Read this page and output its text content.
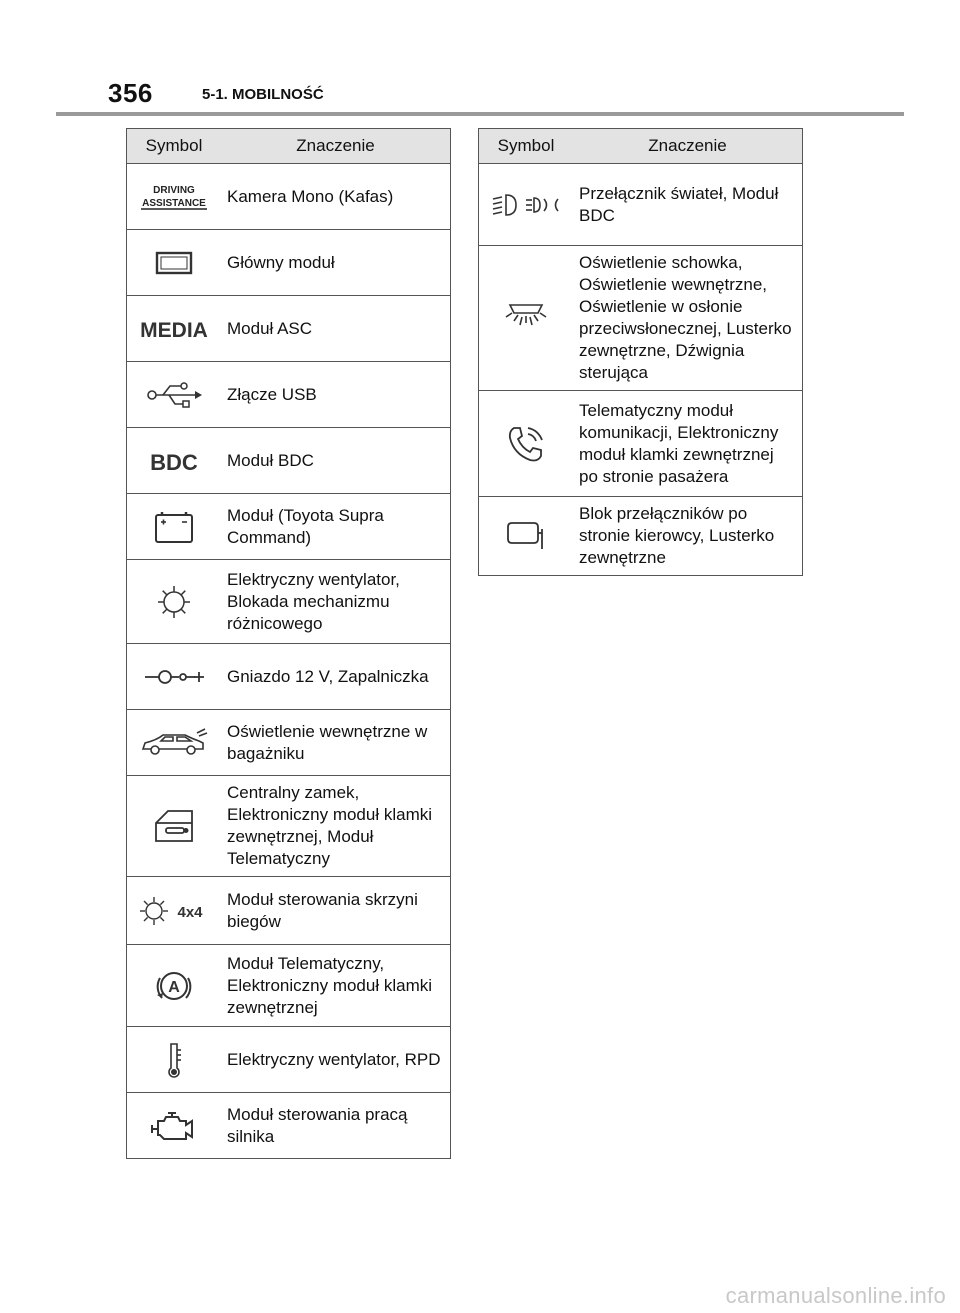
356	5-1. MOBILNOŚĆ
Symbol	Znaczenie

DRIVING
ASSISTANCE	Kamera Mono (Kafas)
	Główny moduł

MEDIA	Moduł ASC
	Złącze USB

BDC	Moduł BDC
	Moduł (Toyota Supra Command)
	Elektryczny wentylator, Blokada mechanizmu różnicowego
	Gniazdo 12 V, Zapalniczka
	Oświetlenie wewnętrzne w bagażniku
	Centralny zamek, Elektroniczny moduł klamki zewnętrznej, Moduł Telematyczny

4x4	Moduł sterowania skrzyni biegów

A	Moduł Telematyczny, Elektroniczny moduł klamki zewnętrznej
	Elektryczny wentylator, RPD
	Moduł sterowania pracą silnika
Symbol	Znaczenie
	Przełącznik świateł, Moduł BDC
	Oświetlenie schowka, Oświetlenie wewnętrzne, Oświetlenie w osłonie przeciwsłonecznej, Lusterko zewnętrzne, Dźwignia sterująca
	Telematyczny moduł komunikacji, Elektroniczny moduł klamki zewnętrznej po stronie pasażera
	Blok przełączników po stronie kierowcy, Lusterko zewnętrzne
carmanualsonline.info
